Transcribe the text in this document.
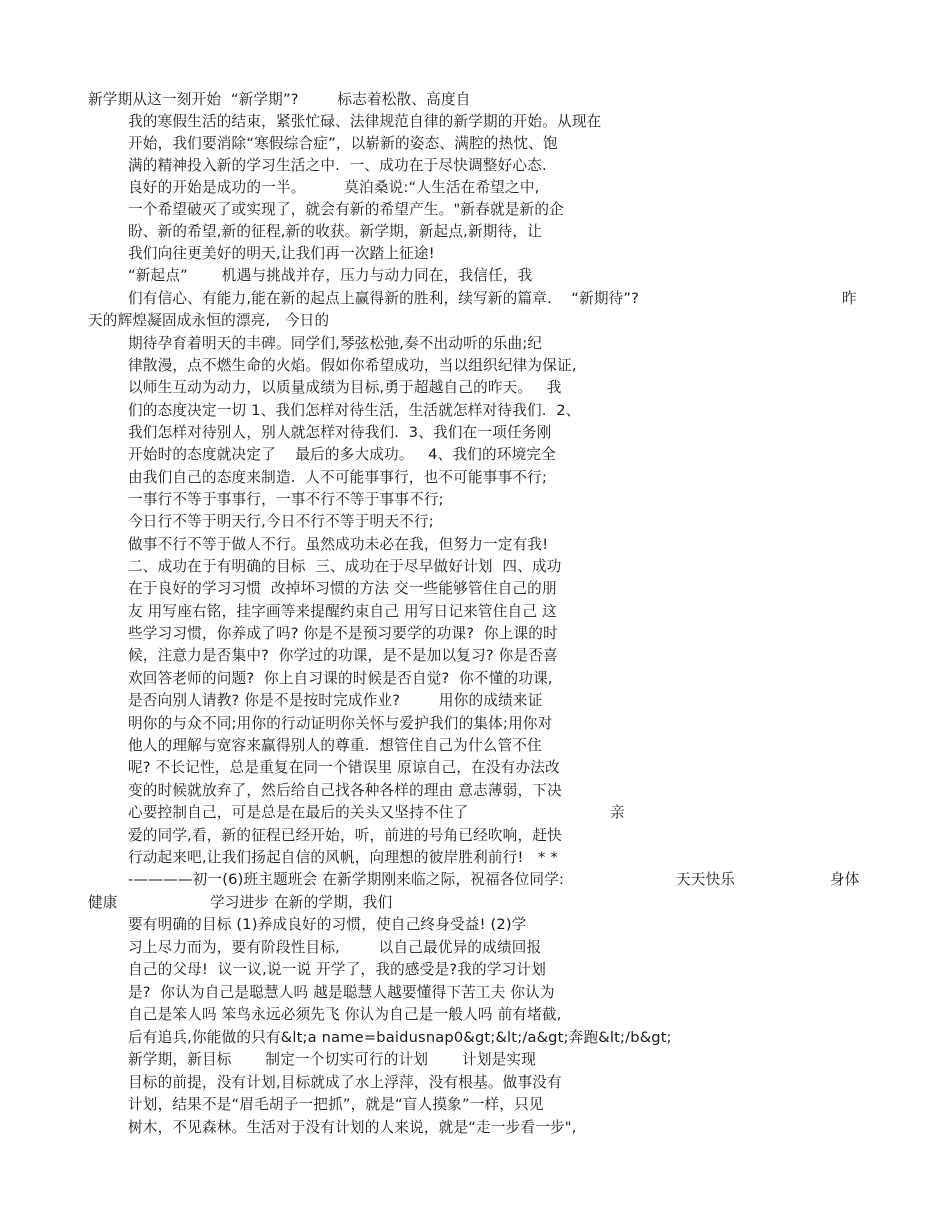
新学期从这一刻开始  “新学期”?        标志着松散、高度自
我的寒假生活的结束，紧张忙碌、法律规范自律的新学期的开始。从现在
开始，我们要消除“寒假综合症”，以崭新的姿态、满腔的热忱、饱
满的精神投入新的学习生活之中.  一、成功在于尽快调整好心态.
良好的开始是成功的一半。        莫泊桑说:“人生活在希望之中,
一个希望破灭了或实现了，就会有新的希望产生。"新春就是新的企
盼、新的希望,新的征程,新的收获。新学期，新起点,新期待，让
我们向往更美好的明天,让我们再一次踏上征途!
“新起点”       机遇与挑战并存，压力与动力同在，我信任，我
们有信心、有能力,能在新的起点上赢得新的胜利，续写新的篇章.    “新期待”?	昨
天的辉煌凝固成永恒的漂亮,   今日的
期待孕育着明天的丰碑。同学们,琴弦松弛,奏不出动听的乐曲;纪
律散漫，点不燃生命的火焰。假如你希望成功，当以组织纪律为保证,
以师生互动为动力，以质量成绩为目标,勇于超越自己的昨天。   我
们的态度决定一切 1、我们怎样对待生活，生活就怎样对待我们.  2、
我们怎样对待别人，别人就怎样对待我们.  3、我们在一项任务刚
开始时的态度就决定了    最后的多大成功。   4、我们的环境完全
由我们自己的态度来制造.  人不可能事事行，也不可能事事不行;
一事行不等于事事行，一事不行不等于事事不行;
今日行不等于明天行,今日不行不等于明天不行;
做事不行不等于做人不行。虽然成功未必在我，但努力一定有我!
二、成功在于有明确的目标  三、成功在于尽早做好计划  四、成功
在于良好的学习习惯  改掉坏习惯的方法 交一些能够管住自己的朋
友 用写座右铭，挂字画等来提醒约束自己 用写日记来管住自己 这
些学习习惯，你养成了吗? 你是不是预习要学的功课?  你上课的时
候，注意力是否集中?  你学过的功课，是不是加以复习? 你是否喜
欢回答老师的问题?  你上自习课的时候是否自觉?  你不懂的功课,
是否向别人请教? 你是不是按时完成作业?        用你的成绩来证
明你的与众不同;用你的行动证明你关怀与爱护我们的集体;用你对
他人的理解与宽容来赢得别人的尊重.  想管住自己为什么管不住
呢? 不长记性，总是重复在同一个错误里 原谅自己，在没有办法改
变的时候就放弃了，然后给自己找各种各样的理由 意志薄弱，下决
心要控制自己，可是总是在最后的关头又坚持不住了	亲
爱的同学,看，新的征程已经开始，听，前进的号角已经吹响，赶快
行动起来吧,让我们扬起自信的风帆，向理想的彼岸胜利前行!   * *
-————初一(6)班主题班会 在新学期刚来临之际，祝福各位同学:	天天快乐	身体
健康	学习进步 在新的学期，我们
要有明确的目标 (1)养成良好的习惯，使自己终身受益! (2)学
习上尽力而为，要有阶段性目标,        以自己最优异的成绩回报
自己的父母!  议一议,说一说 开学了，我的感受是?我的学习计划
是?  你认为自己是聪慧人吗 越是聪慧人越要懂得下苦工夫 你认为
自己是笨人吗 笨鸟永远必须先飞 你认为自己是一般人吗 前有堵截,
后有追兵,你能做的只有&lt;a name=baidusnap0&gt;&lt;/a&gt;奔跑&lt;/b&gt;
新学期，新目标       制定一个切实可行的计划       计划是实现
目标的前提，没有计划,目标就成了水上浮萍，没有根基。做事没有
计划，结果不是“眉毛胡子一把抓”，就是“盲人摸象”一样，只见
树木，不见森林。生活对于没有计划的人来说，就是“走一步看一步",
